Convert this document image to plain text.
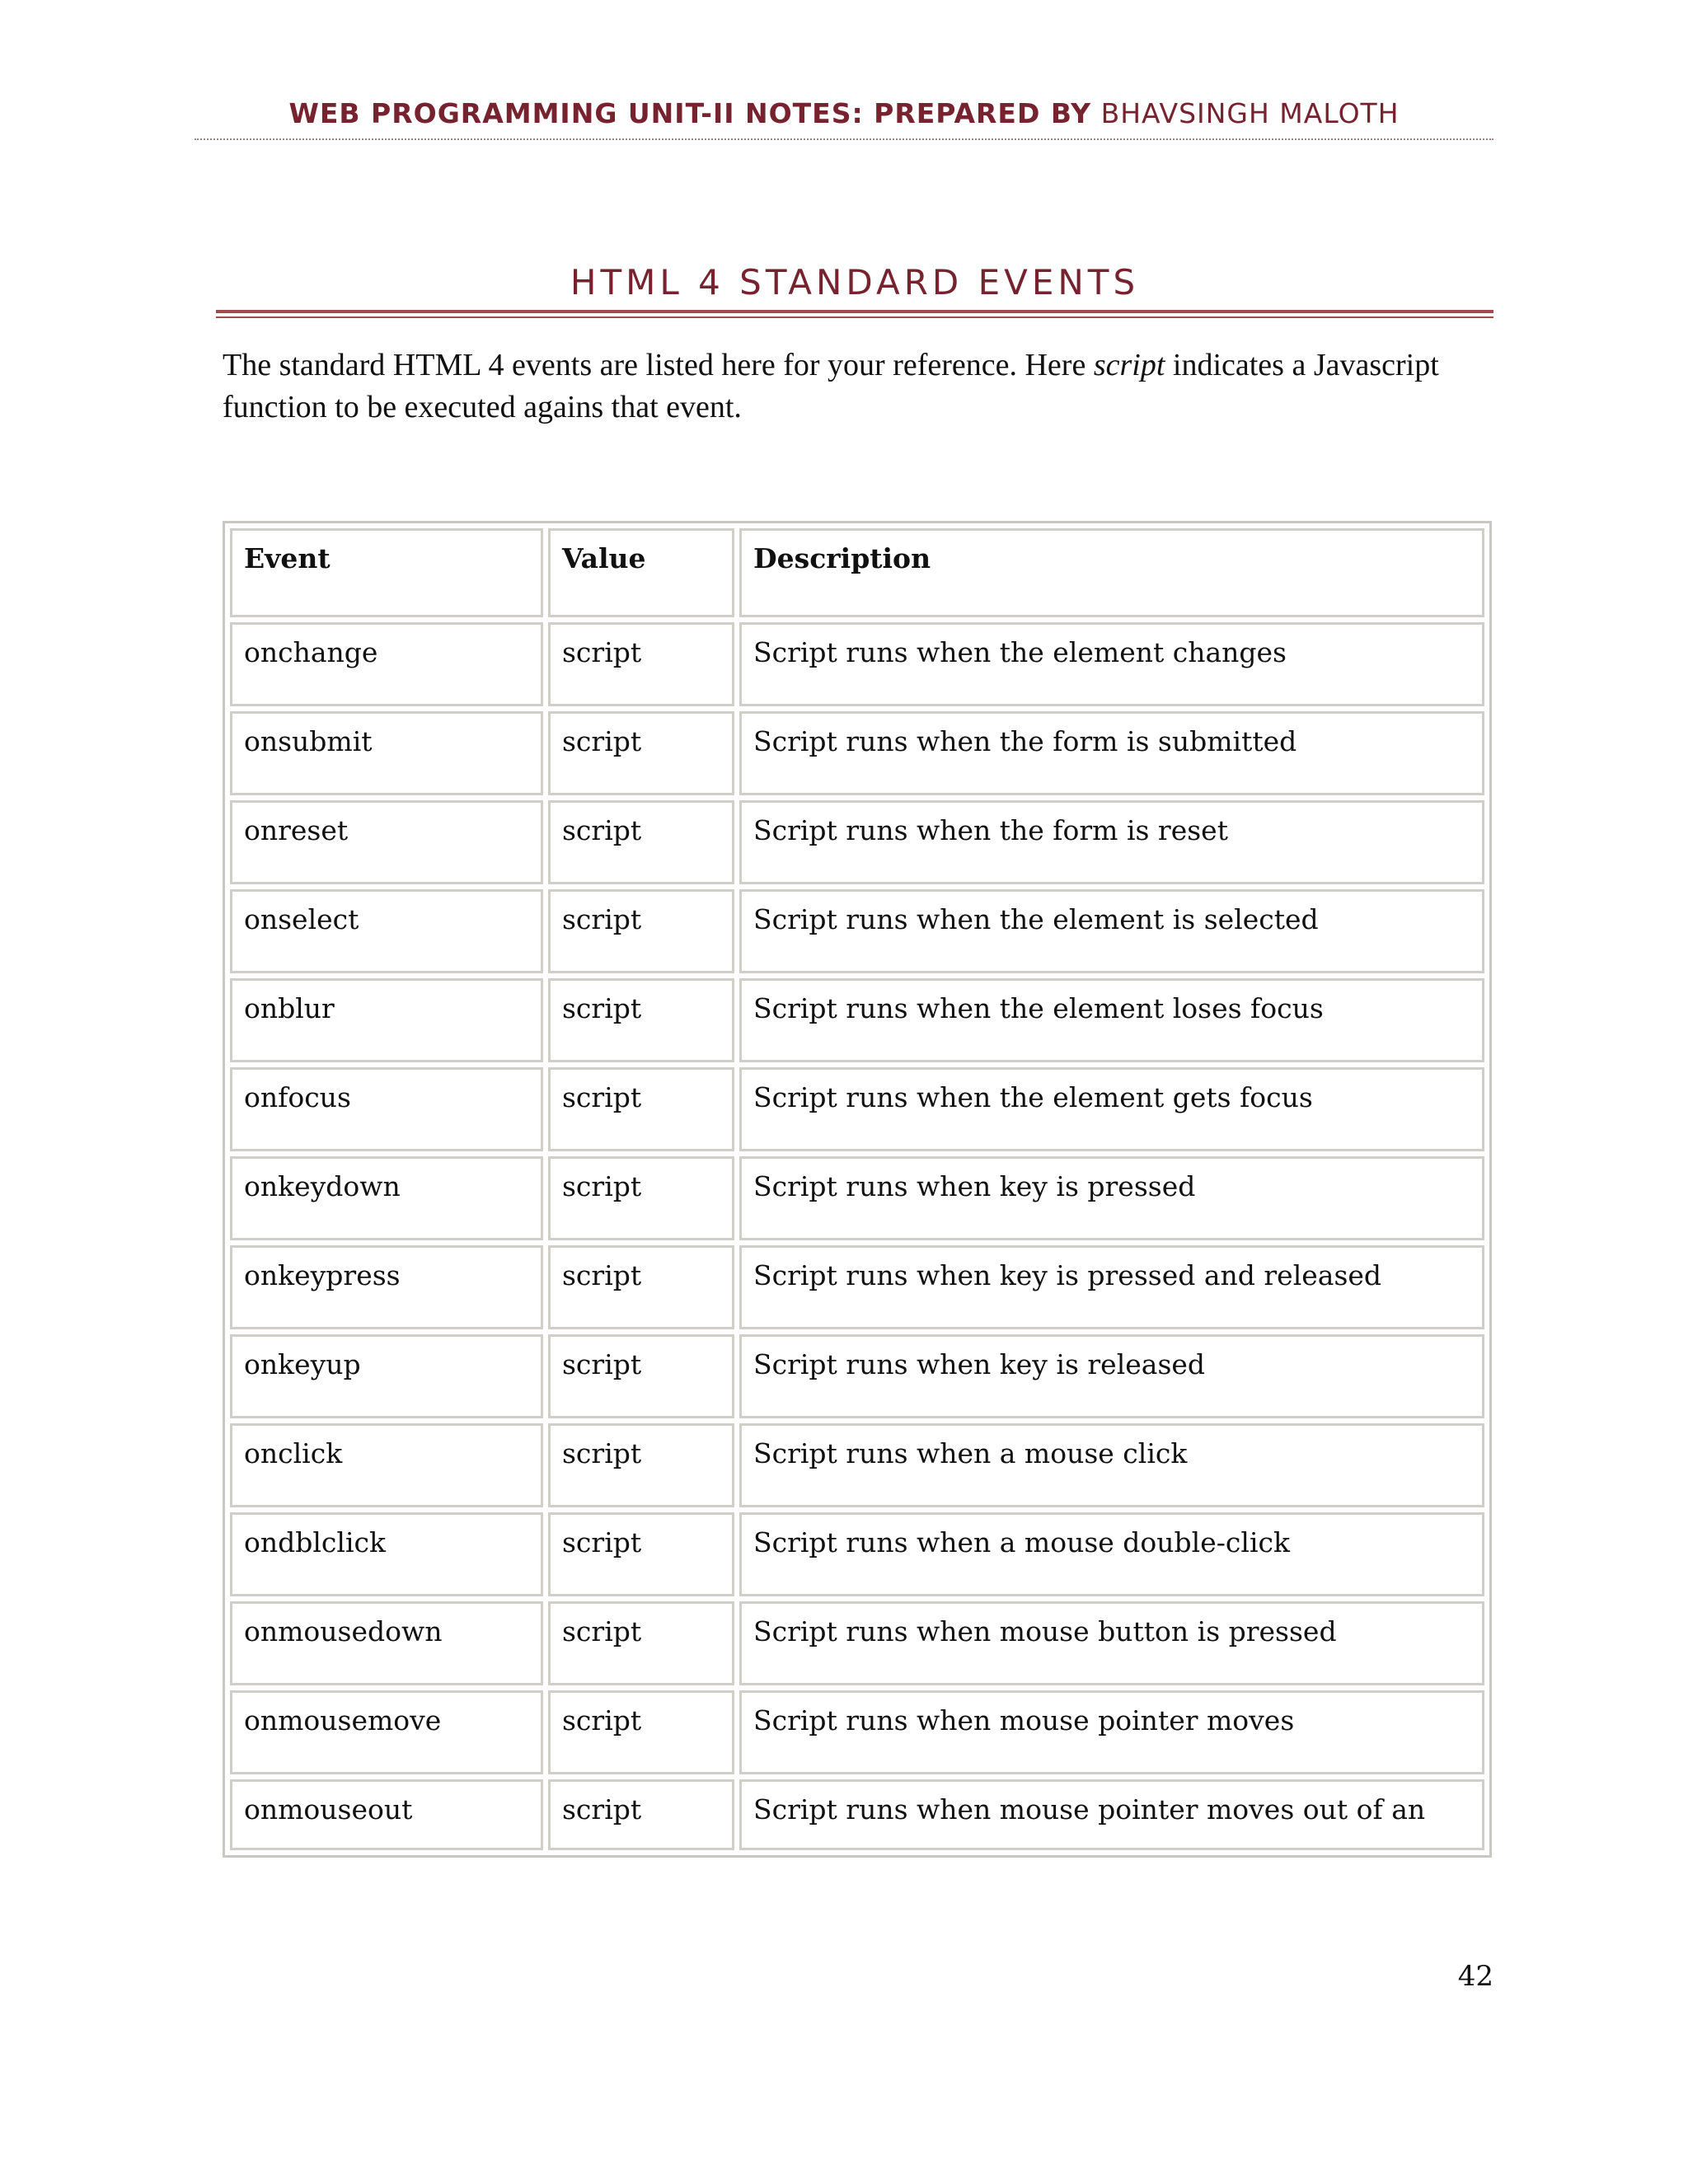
WEB PROGRAMMING UNIT-II NOTES: PREPARED BY BHAVSINGH MALOTH
HTML 4 STANDARD EVENTS

The standard HTML 4 events are listed here for your reference. Here script indicates a Javascript function to be executed agains that event.

Event	Value	Description
onchange	script	Script runs when the element changes
onsubmit	script	Script runs when the form is submitted
onreset	script	Script runs when the form is reset
onselect	script	Script runs when the element is selected
onblur	script	Script runs when the element loses focus
onfocus	script	Script runs when the element gets focus
onkeydown	script	Script runs when key is pressed
onkeypress	script	Script runs when key is pressed and released
onkeyup	script	Script runs when key is released
onclick	script	Script runs when a mouse click
ondblclick	script	Script runs when a mouse double-click
onmousedown	script	Script runs when mouse button is pressed
onmousemove	script	Script runs when mouse pointer moves
onmouseout	script	Script runs when mouse pointer moves out of an
42
